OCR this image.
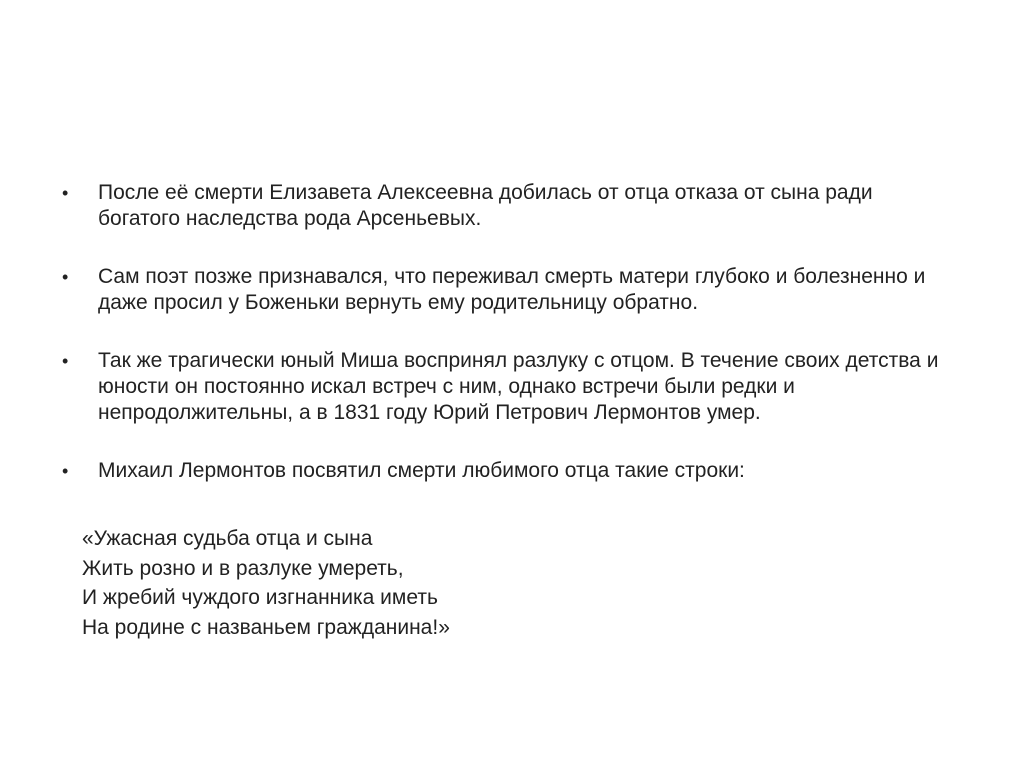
• После её смерти Елизавета Алексеевна добилась от отца отказа от сына ради богатого наследства рода Арсеньевых.
• Сам поэт позже признавался, что переживал смерть матери глубоко и болезненно и даже просил у Боженьки вернуть ему родительницу обратно.
• Так же трагически юный Миша воспринял разлуку с отцом. В течение своих детства и юности он постоянно искал встреч с ним, однако встречи были редки и непродолжительны, а в 1831 году Юрий Петрович Лермонтов умер.
• Михаил Лермонтов посвятил смерти любимого отца такие строки:
«Ужасная судьба отца и сына
Жить розно и в разлуке умереть,
И жребий чуждого изгнанника иметь
На родине с названьем гражданина!»
